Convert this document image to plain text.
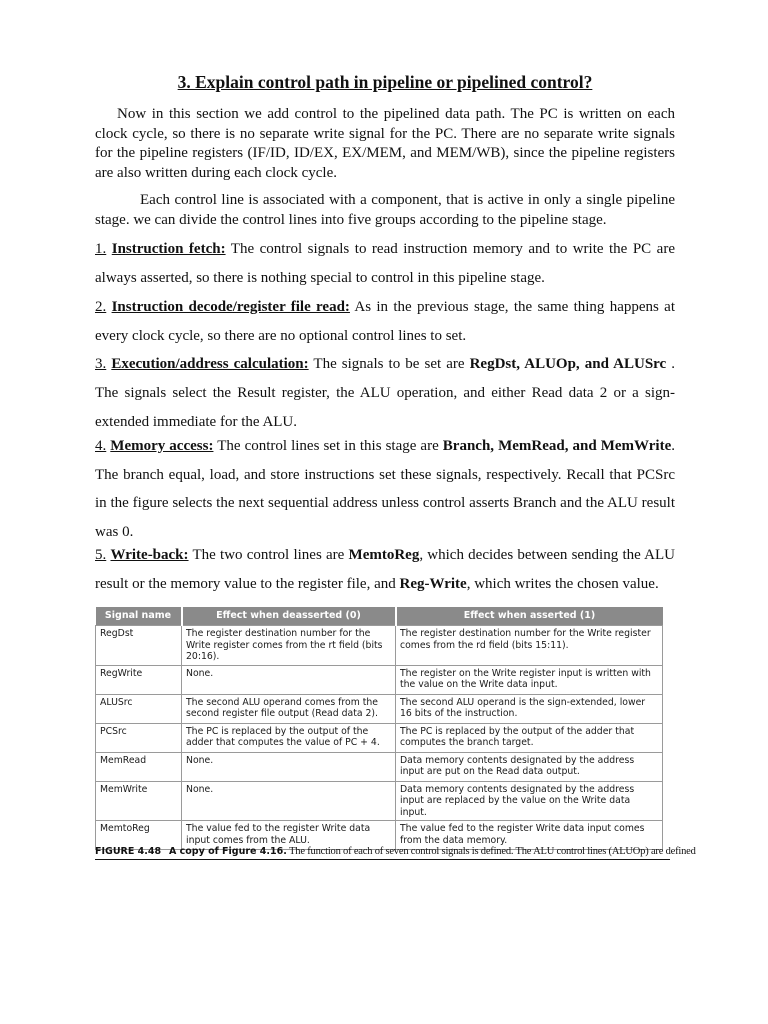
3. Explain control path in pipeline or pipelined control?

Now in this section we add control to the pipelined data path. The PC is written on each clock cycle, so there is no separate write signal for the PC. There are no separate write signals for the pipeline registers (IF/ID, ID/EX, EX/MEM, and MEM/WB), since the pipeline registers are also written during each clock cycle.

Each control line is associated with a component, that is active in only a single pipeline stage. we can divide the control lines into five groups according to the pipeline stage.

1. Instruction fetch: The control signals to read instruction memory and to write the PC are always asserted, so there is nothing special to control in this pipeline stage.

2. Instruction decode/register file read: As in the previous stage, the same thing happens at every clock cycle, so there are no optional control lines to set.

3. Execution/address calculation: The signals to be set are RegDst, ALUOp, and ALUSrc . The signals select the Result register, the ALU operation, and either Read data 2 or a sign-extended immediate for the ALU.

4. Memory access: The control lines set in this stage are Branch, MemRead, and MemWrite. The branch equal, load, and store instructions set these signals, respectively. Recall that PCSrc in the figure selects the next sequential address unless control asserts Branch and the ALU result was 0.

5. Write-back: The two control lines are MemtoReg, which decides between sending the ALU result or the memory value to the register file, and Reg-Write, which writes the chosen value.

Signal name	Effect when deasserted (0)	Effect when asserted (1)
RegDst	The register destination number for the Write register comes from the rt field (bits 20:16).	The register destination number for the Write register comes from the rd field (bits 15:11).
RegWrite	None.	The register on the Write register input is written with the value on the Write data input.
ALUSrc	The second ALU operand comes from the second register file output (Read data 2).	The second ALU operand is the sign-extended, lower 16 bits of the instruction.
PCSrc	The PC is replaced by the output of the adder that computes the value of PC + 4.	The PC is replaced by the output of the adder that computes the branch target.
MemRead	None.	Data memory contents designated by the address input are put on the Read data output.
MemWrite	None.	Data memory contents designated by the address input are replaced by the value on the Write data input.
MemtoReg	The value fed to the register Write data input comes from the ALU.	The value fed to the register Write data input comes from the data memory.

FIGURE 4.48 A copy of Figure 4.16. The function of each of seven control signals is defined. The ALU control lines (ALUOp) are defined
